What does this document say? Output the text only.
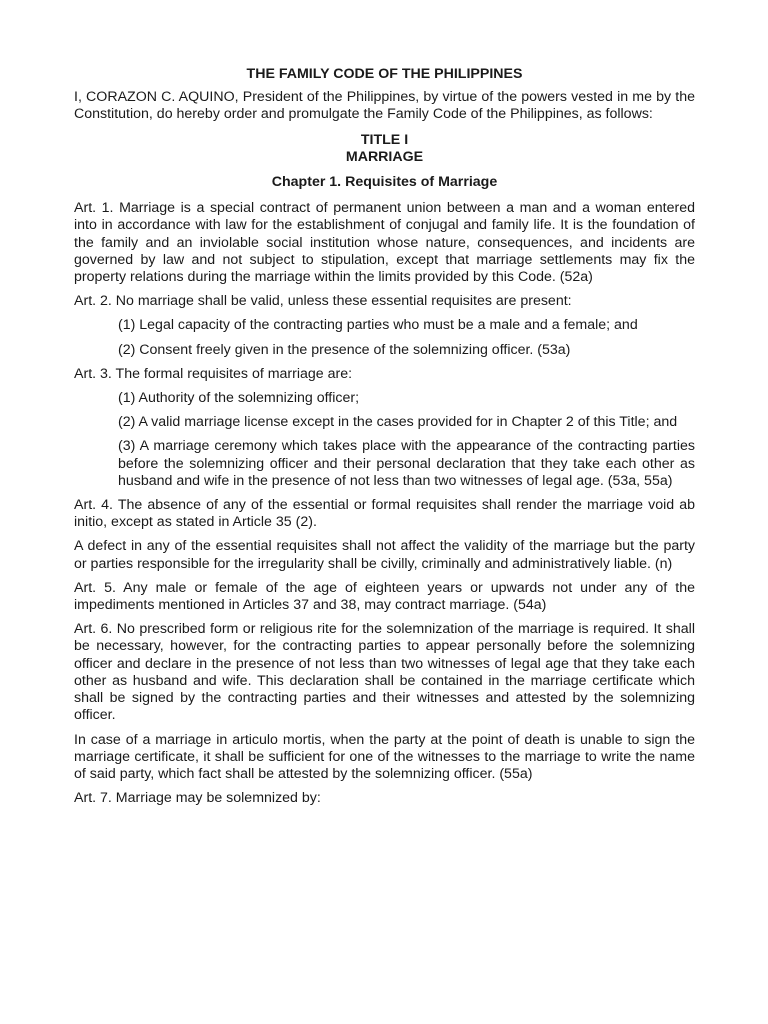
THE FAMILY CODE OF THE PHILIPPINES

I, CORAZON C. AQUINO, President of the Philippines, by virtue of the powers vested in me by the Constitution, do hereby order and promulgate the Family Code of the Philippines, as follows:

TITLE I
MARRIAGE
Chapter 1. Requisites of Marriage

Art. 1. Marriage is a special contract of permanent union between a man and a woman entered into in accordance with law for the establishment of conjugal and family life. It is the foundation of the family and an inviolable social institution whose nature, consequences, and incidents are governed by law and not subject to stipulation, except that marriage settlements may fix the property relations during the marriage within the limits provided by this Code. (52a)

Art. 2. No marriage shall be valid, unless these essential requisites are present:

(1) Legal capacity of the contracting parties who must be a male and a female; and

(2) Consent freely given in the presence of the solemnizing officer. (53a)

Art. 3. The formal requisites of marriage are:

(1) Authority of the solemnizing officer;

(2) A valid marriage license except in the cases provided for in Chapter 2 of this Title; and

(3) A marriage ceremony which takes place with the appearance of the contracting parties before the solemnizing officer and their personal declaration that they take each other as husband and wife in the presence of not less than two witnesses of legal age. (53a, 55a)

Art. 4. The absence of any of the essential or formal requisites shall render the marriage void ab initio, except as stated in Article 35 (2).

A defect in any of the essential requisites shall not affect the validity of the marriage but the party or parties responsible for the irregularity shall be civilly, criminally and administratively liable. (n)

Art. 5. Any male or female of the age of eighteen years or upwards not under any of the impediments mentioned in Articles 37 and 38, may contract marriage. (54a)

Art. 6. No prescribed form or religious rite for the solemnization of the marriage is required. It shall be necessary, however, for the contracting parties to appear personally before the solemnizing officer and declare in the presence of not less than two witnesses of legal age that they take each other as husband and wife. This declaration shall be contained in the marriage certificate which shall be signed by the contracting parties and their witnesses and attested by the solemnizing officer.

In case of a marriage in articulo mortis, when the party at the point of death is unable to sign the marriage certificate, it shall be sufficient for one of the witnesses to the marriage to write the name of said party, which fact shall be attested by the solemnizing officer. (55a)

Art. 7. Marriage may be solemnized by:
